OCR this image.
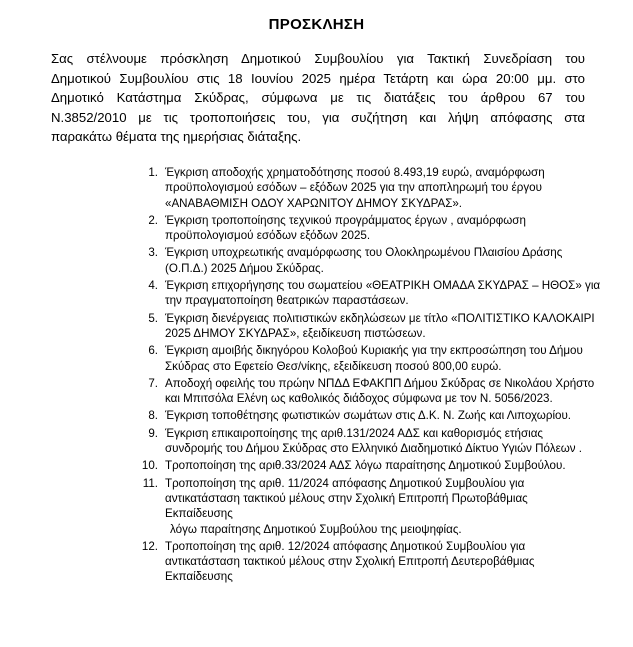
ΠΡΟΣΚΛΗΣΗ
Σας στέλνουμε πρόσκληση Δημοτικού Συμβουλίου για Τακτική Συνεδρίαση του
Δημοτικού Συμβουλίου στις 18 Ιουνίου 2025 ημέρα Τετάρτη και ώρα 20:00 μμ. στο
Δημοτικό Κατάστημα Σκύδρας, σύμφωνα με τις διατάξεις του άρθρου 67 του
Ν.3852/2010 με τις τροποποιήσεις του, για συζήτηση και λήψη απόφασης στα
παρακάτω θέματα της ημερήσιας διάταξης.
1. Έγκριση αποδοχής χρηματοδότησης ποσού 8.493,19 ευρώ, αναμόρφωση
προϋπολογισμού εσόδων – εξόδων 2025 για την αποπληρωμή του έργου
«ΑΝΑΒΑΘΜΙΣΗ ΟΔΟΥ ΧΑΡΩΝΙΤΟΥ ΔΗΜΟΥ ΣΚΥΔΡΑΣ».
2. Έγκριση τροποποίησης τεχνικού προγράμματος έργων , αναμόρφωση
προϋπολογισμού εσόδων εξόδων 2025.
3. Έγκριση υποχρεωτικής αναμόρφωσης του Ολοκληρωμένου Πλαισίου Δράσης
(Ο.Π.Δ.) 2025 Δήμου Σκύδρας.
4. Έγκριση επιχορήγησης του σωματείου «ΘΕΑΤΡΙΚΗ ΟΜΑΔΑ ΣΚΥΔΡΑΣ – ΗΘΟΣ» για
την πραγματοποίηση θεατρικών παραστάσεων.
5. Έγκριση διενέργειας πολιτιστικών εκδηλώσεων με τίτλο «ΠΟΛΙΤΙΣΤΙΚΟ ΚΑΛΟΚΑΙΡΙ
2025 ΔΗΜΟΥ ΣΚΥΔΡΑΣ», εξειδίκευση πιστώσεων.
6. Έγκριση αμοιβής δικηγόρου Κολοβού Κυριακής για την εκπροσώπηση του Δήμου
Σκύδρας στο Εφετείο Θεσ/νίκης, εξειδίκευση ποσού 800,00 ευρώ.
7. Αποδοχή οφειλής του πρώην ΝΠΔΔ ΕΦΑΚΠΠ Δήμου Σκύδρας σε Νικολάου Χρήστο
και Μπιτσόλα Ελένη ως καθολικός διάδοχος σύμφωνα με τον Ν. 5056/2023.
8. Έγκριση τοποθέτησης φωτιστικών σωμάτων στις Δ.Κ. Ν. Ζωής και Λιποχωρίου.
9. Έγκριση επικαιροποίησης της αριθ.131/2024 ΑΔΣ και καθορισμός ετήσιας
συνδρομής του Δήμου Σκύδρας στο Ελληνικό Διαδημοτικό Δίκτυο Υγιών Πόλεων .
10. Τροποποίηση της αριθ.33/2024 ΑΔΣ λόγω παραίτησης Δημοτικού Συμβούλου.
11. Τροποποίηση της αριθ. 11/2024 απόφασης Δημοτικού Συμβουλίου για
αντικατάσταση τακτικού μέλους στην Σχολική Επιτροπή Πρωτοβάθμιας
Εκπαίδευσης
λόγω παραίτησης Δημοτικού Συμβούλου της μειοψηφίας.
12. Τροποποίηση της αριθ. 12/2024 απόφασης Δημοτικού Συμβουλίου για
αντικατάσταση τακτικού μέλους στην Σχολική Επιτροπή Δευτεροβάθμιας
Εκπαίδευσης
